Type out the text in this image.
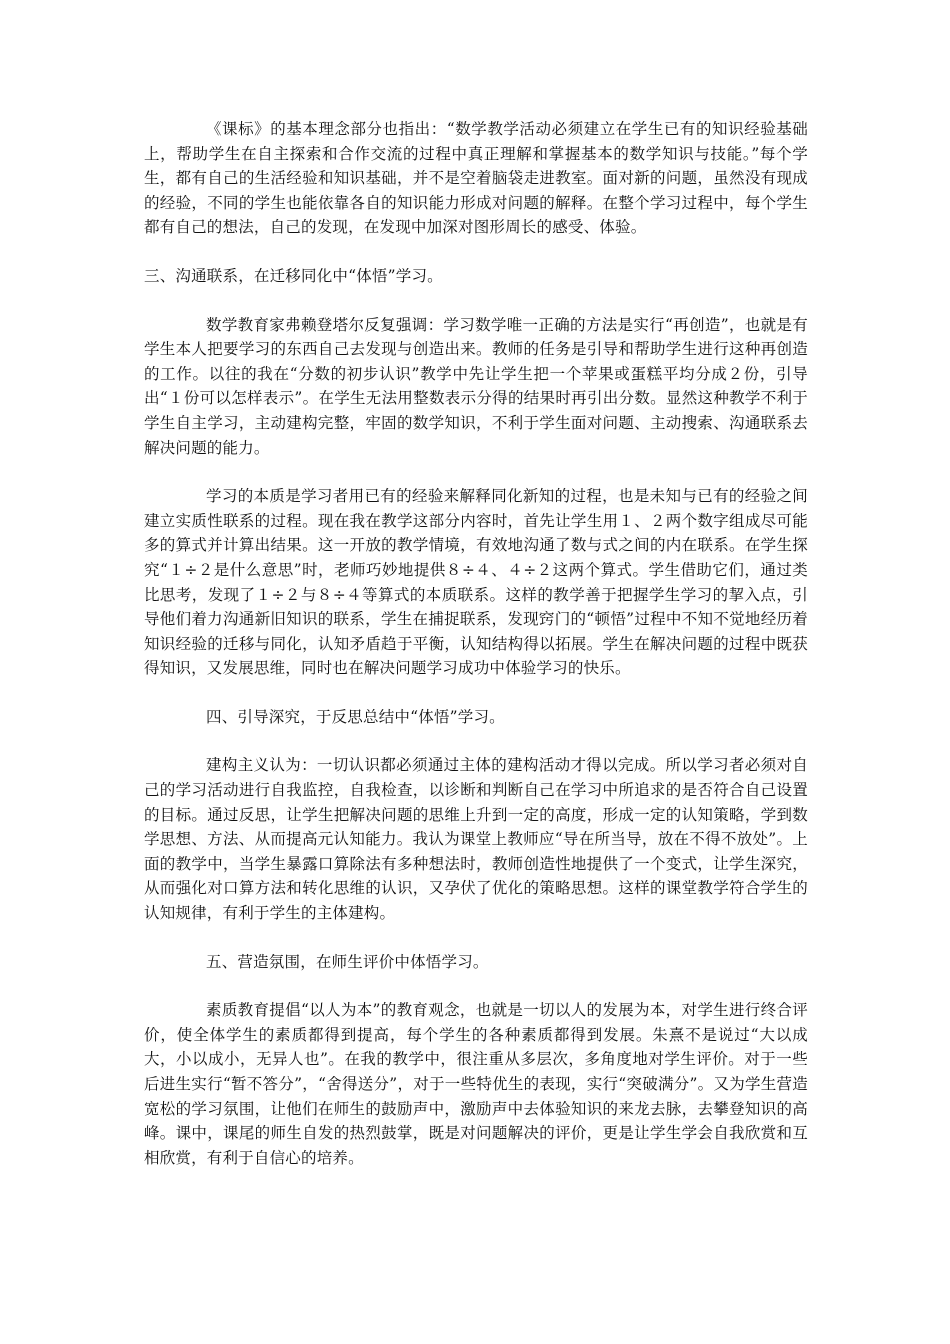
《课标》的基本理念部分也指出：“数学教学活动必须建立在学生已有的知识经验基础上，帮助学生在自主探索和合作交流的过程中真正理解和掌握基本的数学知识与技能。”每个学生，都有自己的生活经验和知识基础，并不是空着脑袋走进教室。面对新的问题，虽然没有现成的经验，不同的学生也能依靠各自的知识能力形成对问题的解释。在整个学习过程中，每个学生都有自己的想法，自己的发现，在发现中加深对图形周长的感受、体验。

三、沟通联系，在迁移同化中“体悟”学习。

数学教育家弗赖登塔尔反复强调：学习数学唯一正确的方法是实行“再创造”，也就是有学生本人把要学习的东西自己去发现与创造出来。教师的任务是引导和帮助学生进行这种再创造的工作。以往的我在“分数的初步认识”教学中先让学生把一个苹果或蛋糕平均分成２份，引导出“１份可以怎样表示”。在学生无法用整数表示分得的结果时再引出分数。显然这种教学不利于学生自主学习，主动建构完整，牢固的数学知识，不利于学生面对问题、主动搜索、沟通联系去解决问题的能力。

学习的本质是学习者用已有的经验来解释同化新知的过程，也是未知与已有的经验之间建立实质性联系的过程。现在我在教学这部分内容时，首先让学生用１、２两个数字组成尽可能多的算式并计算出结果。这一开放的教学情境，有效地沟通了数与式之间的内在联系。在学生探究“１÷２是什么意思”时，老师巧妙地提供８÷４、４÷２这两个算式。学生借助它们，通过类比思考，发现了１÷２与８÷４等算式的本质联系。这样的教学善于把握学生学习的挈入点，引导他们着力沟通新旧知识的联系，学生在捕捉联系，发现窍门的“顿悟”过程中不知不觉地经历着知识经验的迁移与同化，认知矛盾趋于平衡，认知结构得以拓展。学生在解决问题的过程中既获得知识，又发展思维，同时也在解决问题学习成功中体验学习的快乐。

四、引导深究，于反思总结中“体悟”学习。

建构主义认为：一切认识都必须通过主体的建构活动才得以完成。所以学习者必须对自己的学习活动进行自我监控，自我检查，以诊断和判断自己在学习中所追求的是否符合自己设置的目标。通过反思，让学生把解决问题的思维上升到一定的高度，形成一定的认知策略，学到数学思想、方法、从而提高元认知能力。我认为课堂上教师应“导在所当导，放在不得不放处”。上面的教学中，当学生暴露口算除法有多种想法时，教师创造性地提供了一个变式，让学生深究，从而强化对口算方法和转化思维的认识，又孕伏了优化的策略思想。这样的课堂教学符合学生的认知规律，有利于学生的主体建构。

五、营造氛围，在师生评价中体悟学习。

素质教育提倡“以人为本”的教育观念，也就是一切以人的发展为本，对学生进行终合评价，使全体学生的素质都得到提高，每个学生的各种素质都得到发展。朱熹不是说过“大以成大，小以成小，无异人也”。在我的教学中，很注重从多层次，多角度地对学生评价。对于一些后进生实行“暂不答分”，“舍得送分”，对于一些特优生的表现，实行“突破满分”。又为学生营造宽松的学习氛围，让他们在师生的鼓励声中，激励声中去体验知识的来龙去脉，去攀登知识的高峰。课中，课尾的师生自发的热烈鼓掌，既是对问题解决的评价，更是让学生学会自我欣赏和互相欣赏，有利于自信心的培养。
